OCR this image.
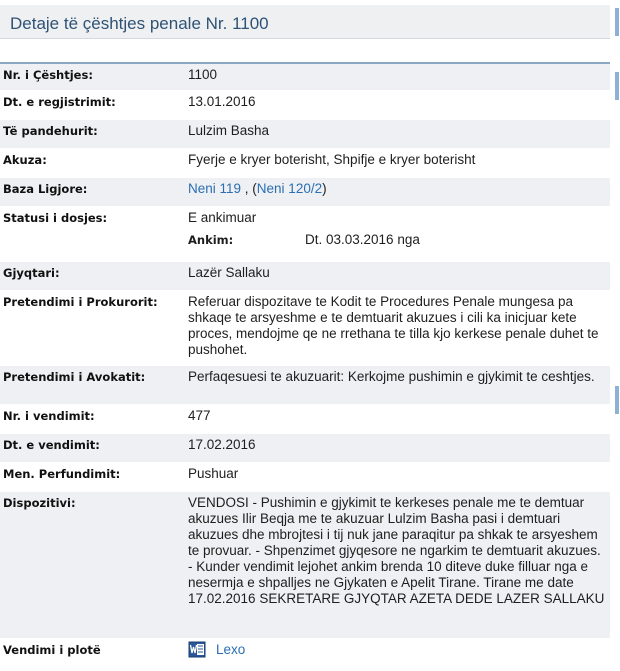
Detaje të çështjes penale Nr. 1100
Nr. i Çështjes:	1100
Dt. e regjistrimit:	13.01.2016
Të pandehurit:	Lulzim Basha
Akuza:	Fyerje e kryer boterisht, Shpifje e kryer boterisht
Baza Ligjore:	Neni 119 , (Neni 120/2)
Statusi i dosjes:	E ankimuar
Ankim:	Dt. 03.03.2016 nga
Gjyqtari:	Lazër Sallaku
Pretendimi i Prokurorit:	Referuar dispozitave te Kodit te Procedures Penale mungesa pa shkaqe te arsyeshme e te demtuarit akuzues i cili ka inicjuar kete proces, mendojme qe ne rrethana te tilla kjo kerkese penale duhet te pushohet.
Pretendimi i Avokatit:	Perfaqesuesi te akuzuarit: Kerkojme pushimin e gjykimit te ceshtjes.
Nr. i vendimit:	477
Dt. e vendimit:	17.02.2016
Men. Perfundimit:	Pushuar
Dispozitivi:	VENDOSI - Pushimin e gjykimit te kerkeses penale me te demtuar akuzues Ilir Beqja me te akuzuar Lulzim Basha pasi i demtuari akuzues dhe mbrojtesi i tij nuk jane paraqitur pa shkak te arsyeshem te provuar. - Shpenzimet gjyqesore ne ngarkim te demtuarit akuzues. - Kunder vendimit lejohet ankim brenda 10 diteve duke filluar nga e nesermja e shpalljes ne Gjykaten e Apelit Tirane. Tirane me date 17.02.2016 SEKRETARE GJYQTAR AZETA DEDE LAZER SALLAKU
Vendimi i plotë	Lexo
